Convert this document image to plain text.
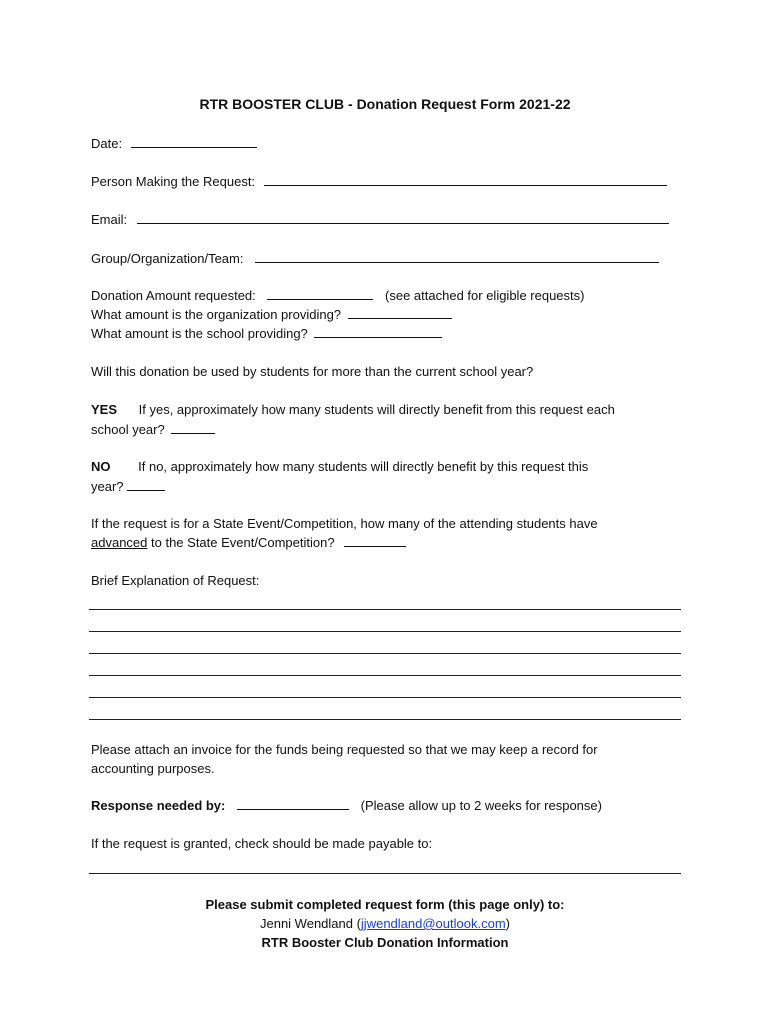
RTR BOOSTER CLUB - Donation Request Form 2021-22
Date:
Person Making the Request:
Email:
Group/Organization/Team:
Donation Amount requested:	(see attached for eligible requests)
What amount is the organization providing?
What amount is the school providing?
Will this donation be used by students for more than the current school year?
YES If yes, approximately how many students will directly benefit from this request each
school year?
NO If no, approximately how many students will directly benefit by this request this
year?
If the request is for a State Event/Competition, how many of the attending students have
advanced to the State Event/Competition?
Brief Explanation of Request:
Please attach an invoice for the funds being requested so that we may keep a record for
accounting purposes.
Response needed by:	(Please allow up to 2 weeks for response)
If the request is granted, check should be made payable to:
Please submit completed request form (this page only) to:
Jenni Wendland (jjwendland@outlook.com)
RTR Booster Club Donation Information
